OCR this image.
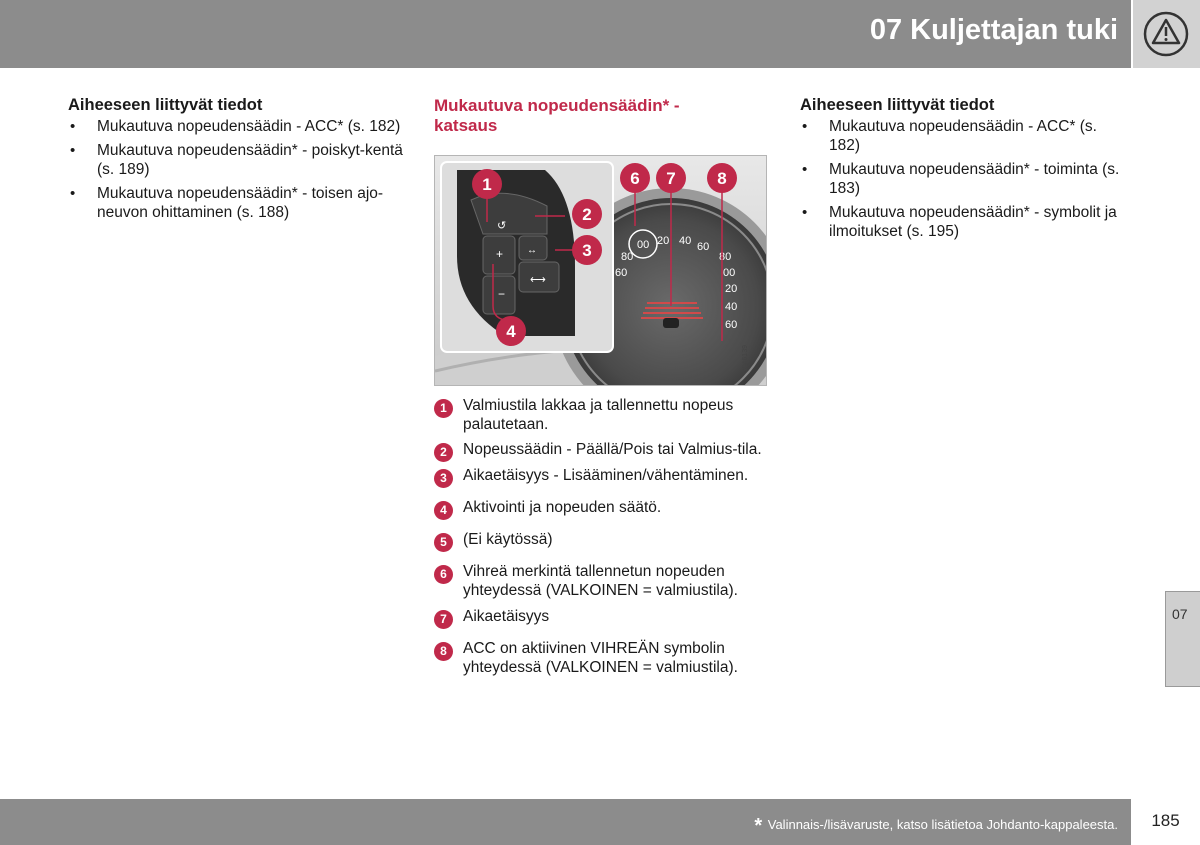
07 Kuljettajan tuki
Aiheeseen liittyvät tiedot
• Mukautuva nopeudensäädin - ACC* (s. 182)
• Mukautuva nopeudensäädin* - poiskyt-kentä (s. 189)
• Mukautuva nopeudensäädin* - toisen ajo-neuvon ohittaminen (s. 188)
Mukautuva nopeudensäädin* - katsaus
00 20 40 60
80
60
80
00
20
40
60
↺
+
−
↔
⟷
1
2
3
4
6 7 8
G046139
1	Valmiustila lakkaa ja tallennettu nopeus palautetaan.
2	Nopeussäädin - Päällä/Pois tai Valmius-tila.
3	Aikaetäisyys - Lisääminen/vähentäminen.
4	Aktivointi ja nopeuden säätö.
5	(Ei käytössä)
6	Vihreä merkintä tallennetun nopeuden yhteydessä (VALKOINEN = valmiustila).
7	Aikaetäisyys
8	ACC on aktiivinen VIHREÄN symbolin yhteydessä (VALKOINEN = valmiustila).
Aiheeseen liittyvät tiedot
• Mukautuva nopeudensäädin - ACC* (s. 182)
• Mukautuva nopeudensäädin* - toiminta (s. 183)
• Mukautuva nopeudensäädin* - symbolit ja ilmoitukset (s. 195)
07
* Valinnais-/lisävaruste, katso lisätietoa Johdanto-kappaleesta.	185
